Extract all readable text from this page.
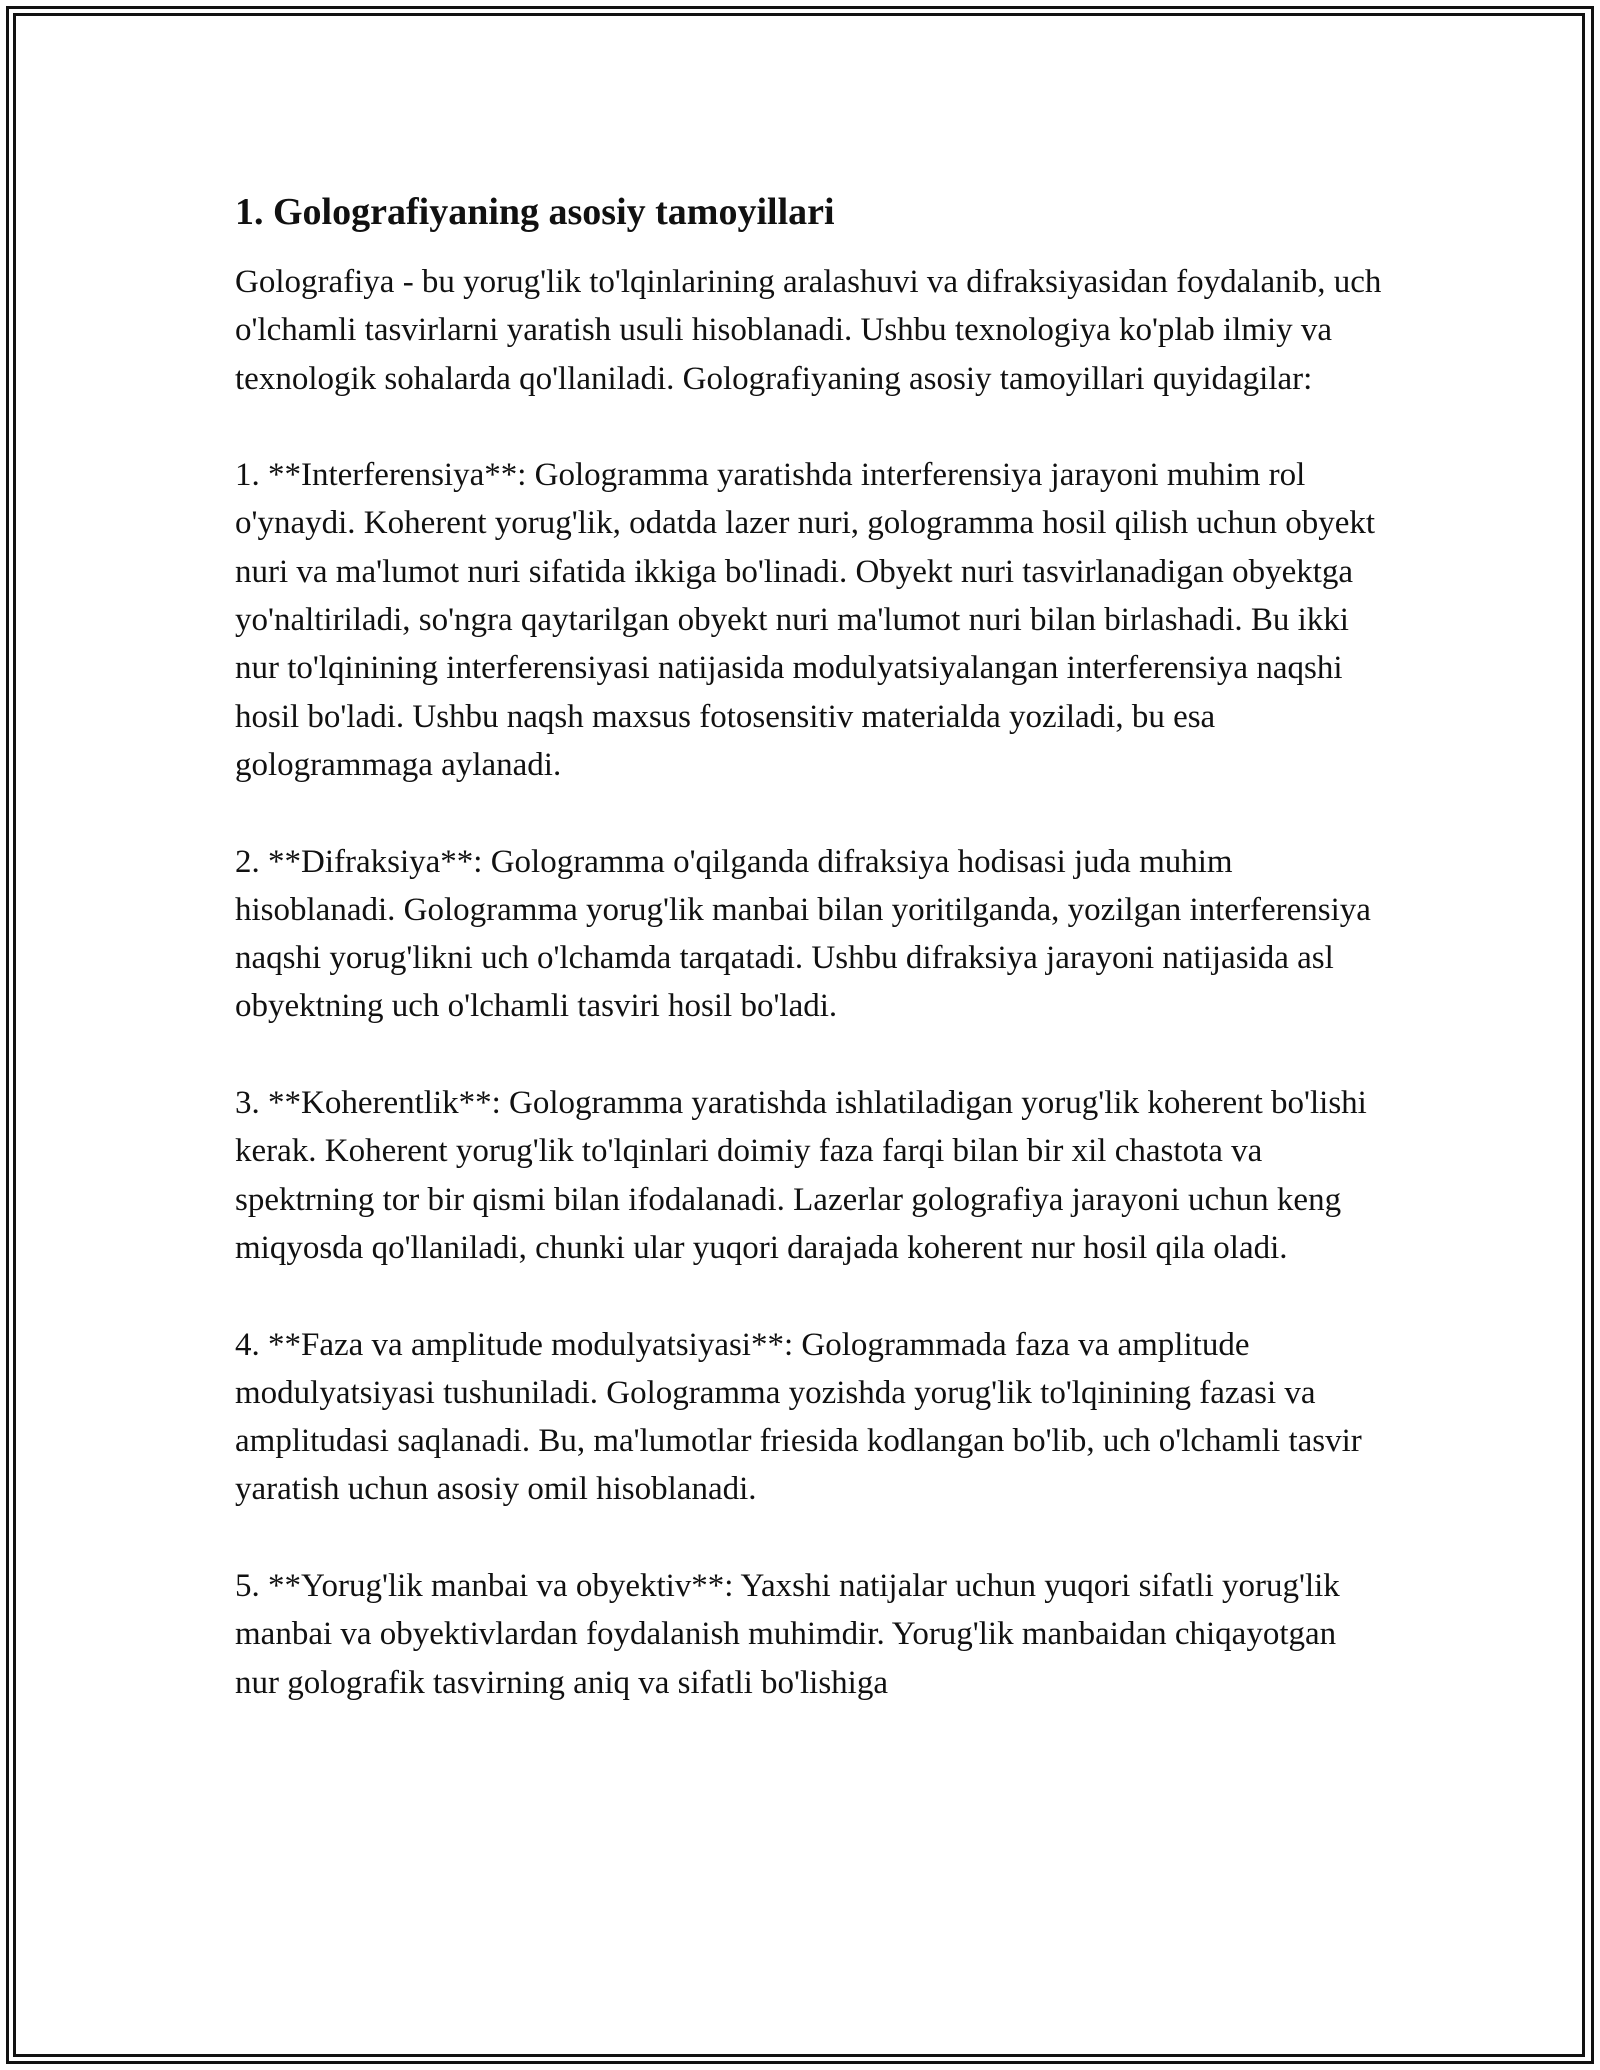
1. Golografiyaning asosiy tamoyillari

Golografiya - bu yorug'lik to'lqinlarining aralashuvi va difraksiyasidan foydalanib, uch o'lchamli tasvirlarni yaratish usuli hisoblanadi. Ushbu texnologiya ko'plab ilmiy va texnologik sohalarda qo'llaniladi. Golografiyaning asosiy tamoyillari quyidagilar:

1. **Interferensiya**: Gologramma yaratishda interferensiya jarayoni muhim rol o'ynaydi. Koherent yorug'lik, odatda lazer nuri, gologramma hosil qilish uchun obyekt nuri va ma'lumot nuri sifatida ikkiga bo'linadi. Obyekt nuri tasvirlanadigan obyektga yo'naltiriladi, so'ngra qaytarilgan obyekt nuri ma'lumot nuri bilan birlashadi. Bu ikki nur to'lqinining interferensiyasi natijasida modulyatsiyalangan interferensiya naqshi hosil bo'ladi. Ushbu naqsh maxsus fotosensitiv materialda yoziladi, bu esa gologrammaga aylanadi.

2. **Difraksiya**: Gologramma o'qilganda difraksiya hodisasi juda muhim hisoblanadi. Gologramma yorug'lik manbai bilan yoritilganda, yozilgan interferensiya naqshi yorug'likni uch o'lchamda tarqatadi. Ushbu difraksiya jarayoni natijasida asl obyektning uch o'lchamli tasviri hosil bo'ladi.

3. **Koherentlik**: Gologramma yaratishda ishlatiladigan yorug'lik koherent bo'lishi kerak. Koherent yorug'lik to'lqinlari doimiy faza farqi bilan bir xil chastota va spektrning tor bir qismi bilan ifodalanadi. Lazerlar golografiya jarayoni uchun keng miqyosda qo'llaniladi, chunki ular yuqori darajada koherent nur hosil qila oladi.

4. **Faza va amplitude modulyatsiyasi**: Gologrammada faza va amplitude modulyatsiyasi tushuniladi. Gologramma yozishda yorug'lik to'lqinining fazasi va amplitudasi saqlanadi. Bu, ma'lumotlar friesida kodlangan bo'lib, uch o'lchamli tasvir yaratish uchun asosiy omil hisoblanadi.

5. **Yorug'lik manbai va obyektiv**: Yaxshi natijalar uchun yuqori sifatli yorug'lik manbai va obyektivlardan foydalanish muhimdir. Yorug'lik manbaidan chiqayotgan nur golografik tasvirning aniq va sifatli bo'lishiga
